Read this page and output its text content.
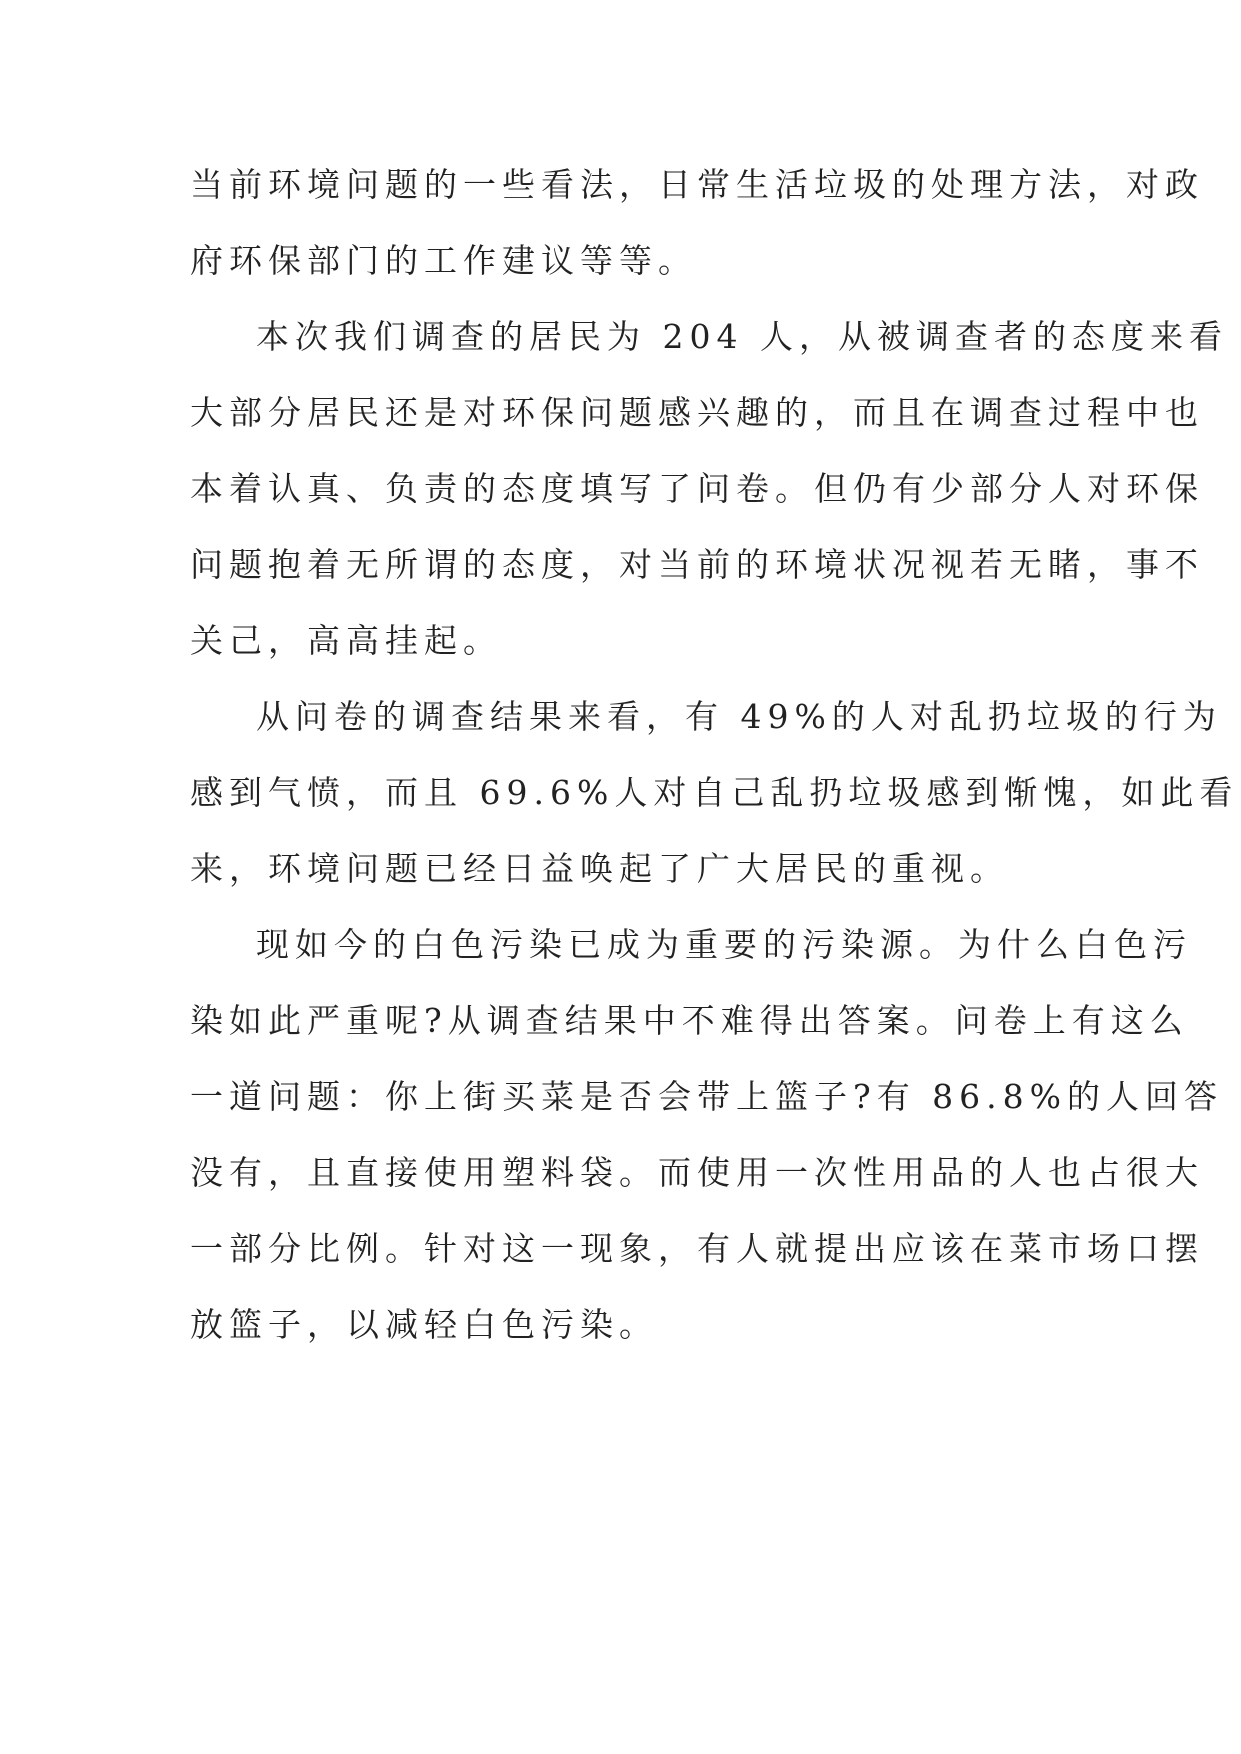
当前环境问题的一些看法，日常生活垃圾的处理方法，对政
府环保部门的工作建议等等。
本次我们调查的居民为 204 人，从被调查者的态度来看
大部分居民还是对环保问题感兴趣的，而且在调查过程中也
本着认真、负责的态度填写了问卷。但仍有少部分人对环保
问题抱着无所谓的态度，对当前的环境状况视若无睹，事不
关己，高高挂起。
从问卷的调查结果来看，有 49%的人对乱扔垃圾的行为
感到气愤，而且 69.6%人对自己乱扔垃圾感到惭愧，如此看
来，环境问题已经日益唤起了广大居民的重视。
现如今的白色污染已成为重要的污染源。为什么白色污
染如此严重呢?从调查结果中不难得出答案。问卷上有这么
一道问题：你上街买菜是否会带上篮子?有 86.8%的人回答
没有，且直接使用塑料袋。而使用一次性用品的人也占很大
一部分比例。针对这一现象，有人就提出应该在菜市场口摆
放篮子，以减轻白色污染。
